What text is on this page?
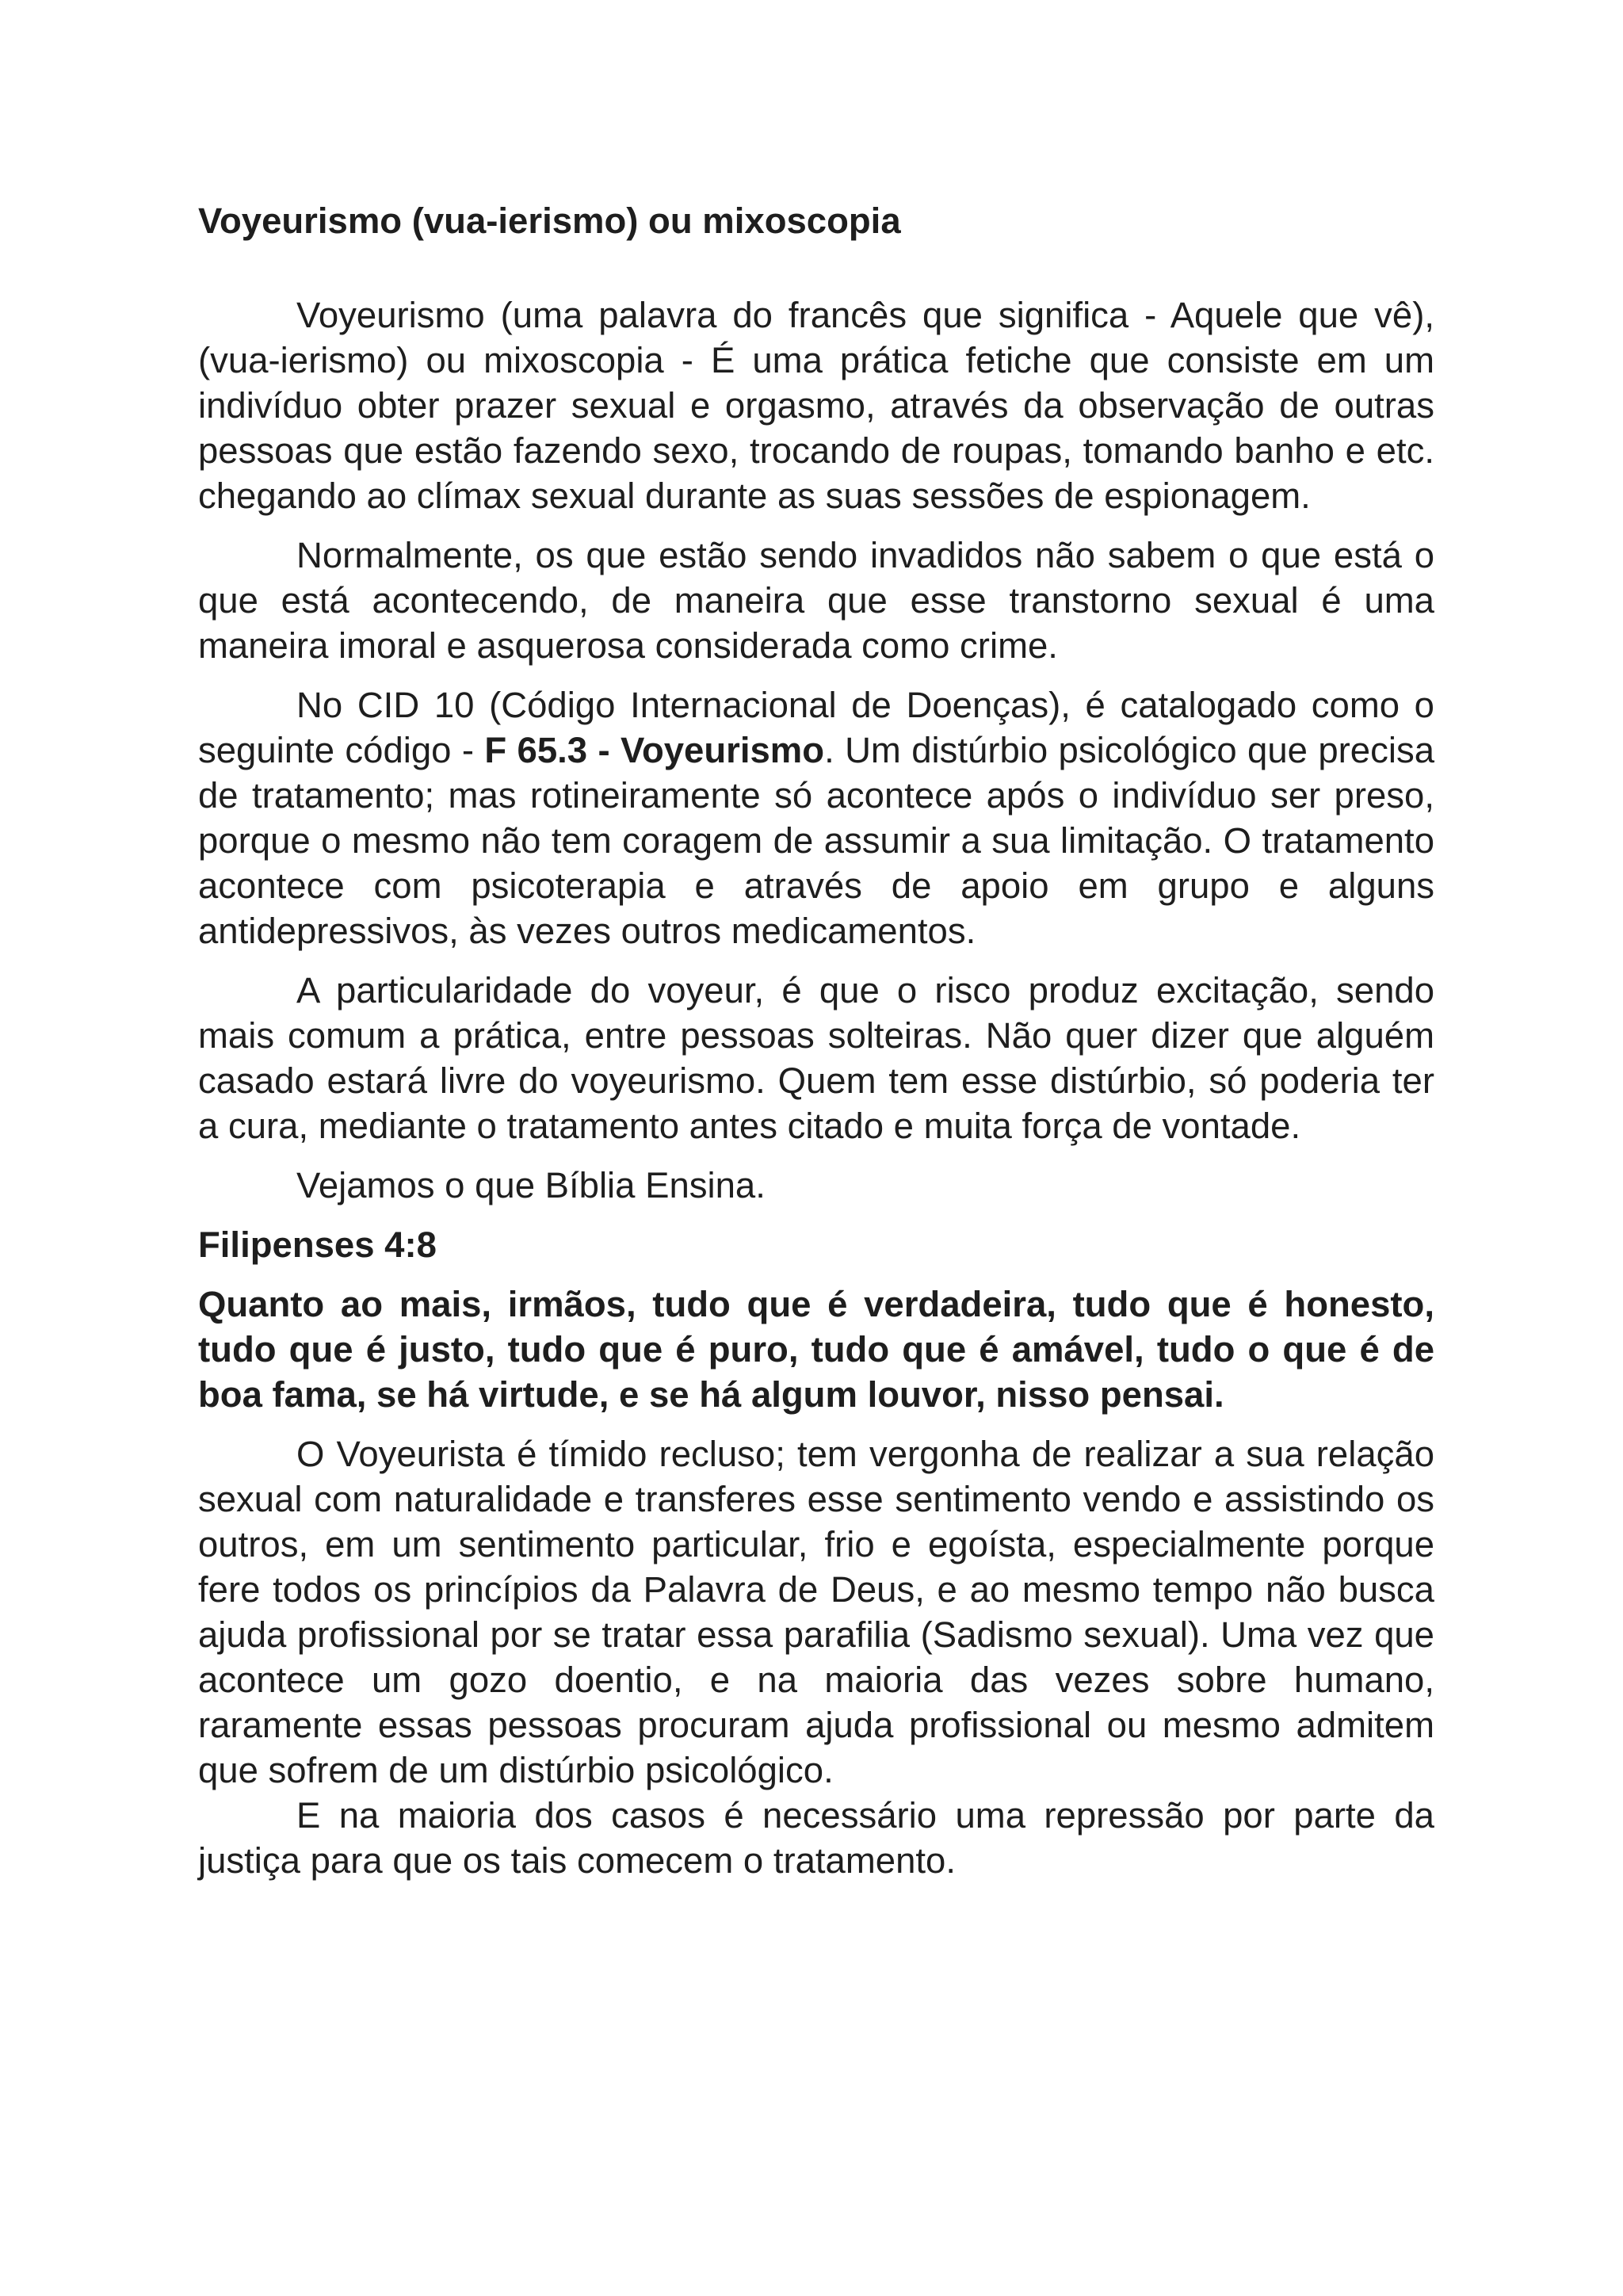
Voyeurismo (vua-ierismo) ou mixoscopia

Voyeurismo (uma palavra do francês que significa - Aquele que vê), (vua-ierismo) ou mixoscopia - É uma prática fetiche que consiste em um indivíduo obter prazer sexual e orgasmo, através da observação de outras pessoas que estão fazendo sexo, trocando de roupas, tomando banho e etc. chegando ao clímax sexual durante as suas sessões de espionagem.

Normalmente, os que estão sendo invadidos não sabem o que está o que está acontecendo, de maneira que esse transtorno sexual é uma maneira imoral e asquerosa considerada como crime.

No CID 10 (Código Internacional de Doenças), é catalogado como o seguinte código - F 65.3 - Voyeurismo. Um distúrbio psicológico que precisa de tratamento; mas rotineiramente só acontece após o indivíduo ser preso, porque o mesmo não tem coragem de assumir a sua limitação. O tratamento acontece com psicoterapia e através de apoio em grupo e alguns antidepressivos, às vezes outros medicamentos.

A particularidade do voyeur, é que o risco produz excitação, sendo mais comum a prática, entre pessoas solteiras. Não quer dizer que alguém casado estará livre do voyeurismo. Quem tem esse distúrbio, só poderia ter a cura, mediante o tratamento antes citado e muita força de vontade.

Vejamos o que Bíblia Ensina.

Filipenses 4:8

Quanto ao mais, irmãos, tudo que é verdadeira, tudo que é honesto, tudo que é justo, tudo que é puro, tudo que é amável, tudo o que é de boa fama, se há virtude, e se há algum louvor, nisso pensai.

O Voyeurista é tímido recluso; tem vergonha de realizar a sua relação sexual com naturalidade e transferes esse sentimento vendo e assistindo os outros, em um sentimento particular, frio e egoísta, especialmente porque fere todos os princípios da Palavra de Deus, e ao mesmo tempo não busca ajuda profissional por se tratar essa parafilia (Sadismo sexual). Uma vez que acontece um gozo doentio, e na maioria das vezes sobre humano, raramente essas pessoas procuram ajuda profissional ou mesmo admitem que sofrem de um distúrbio psicológico.

E na maioria dos casos é necessário uma repressão por parte da justiça para que os tais comecem o tratamento.
